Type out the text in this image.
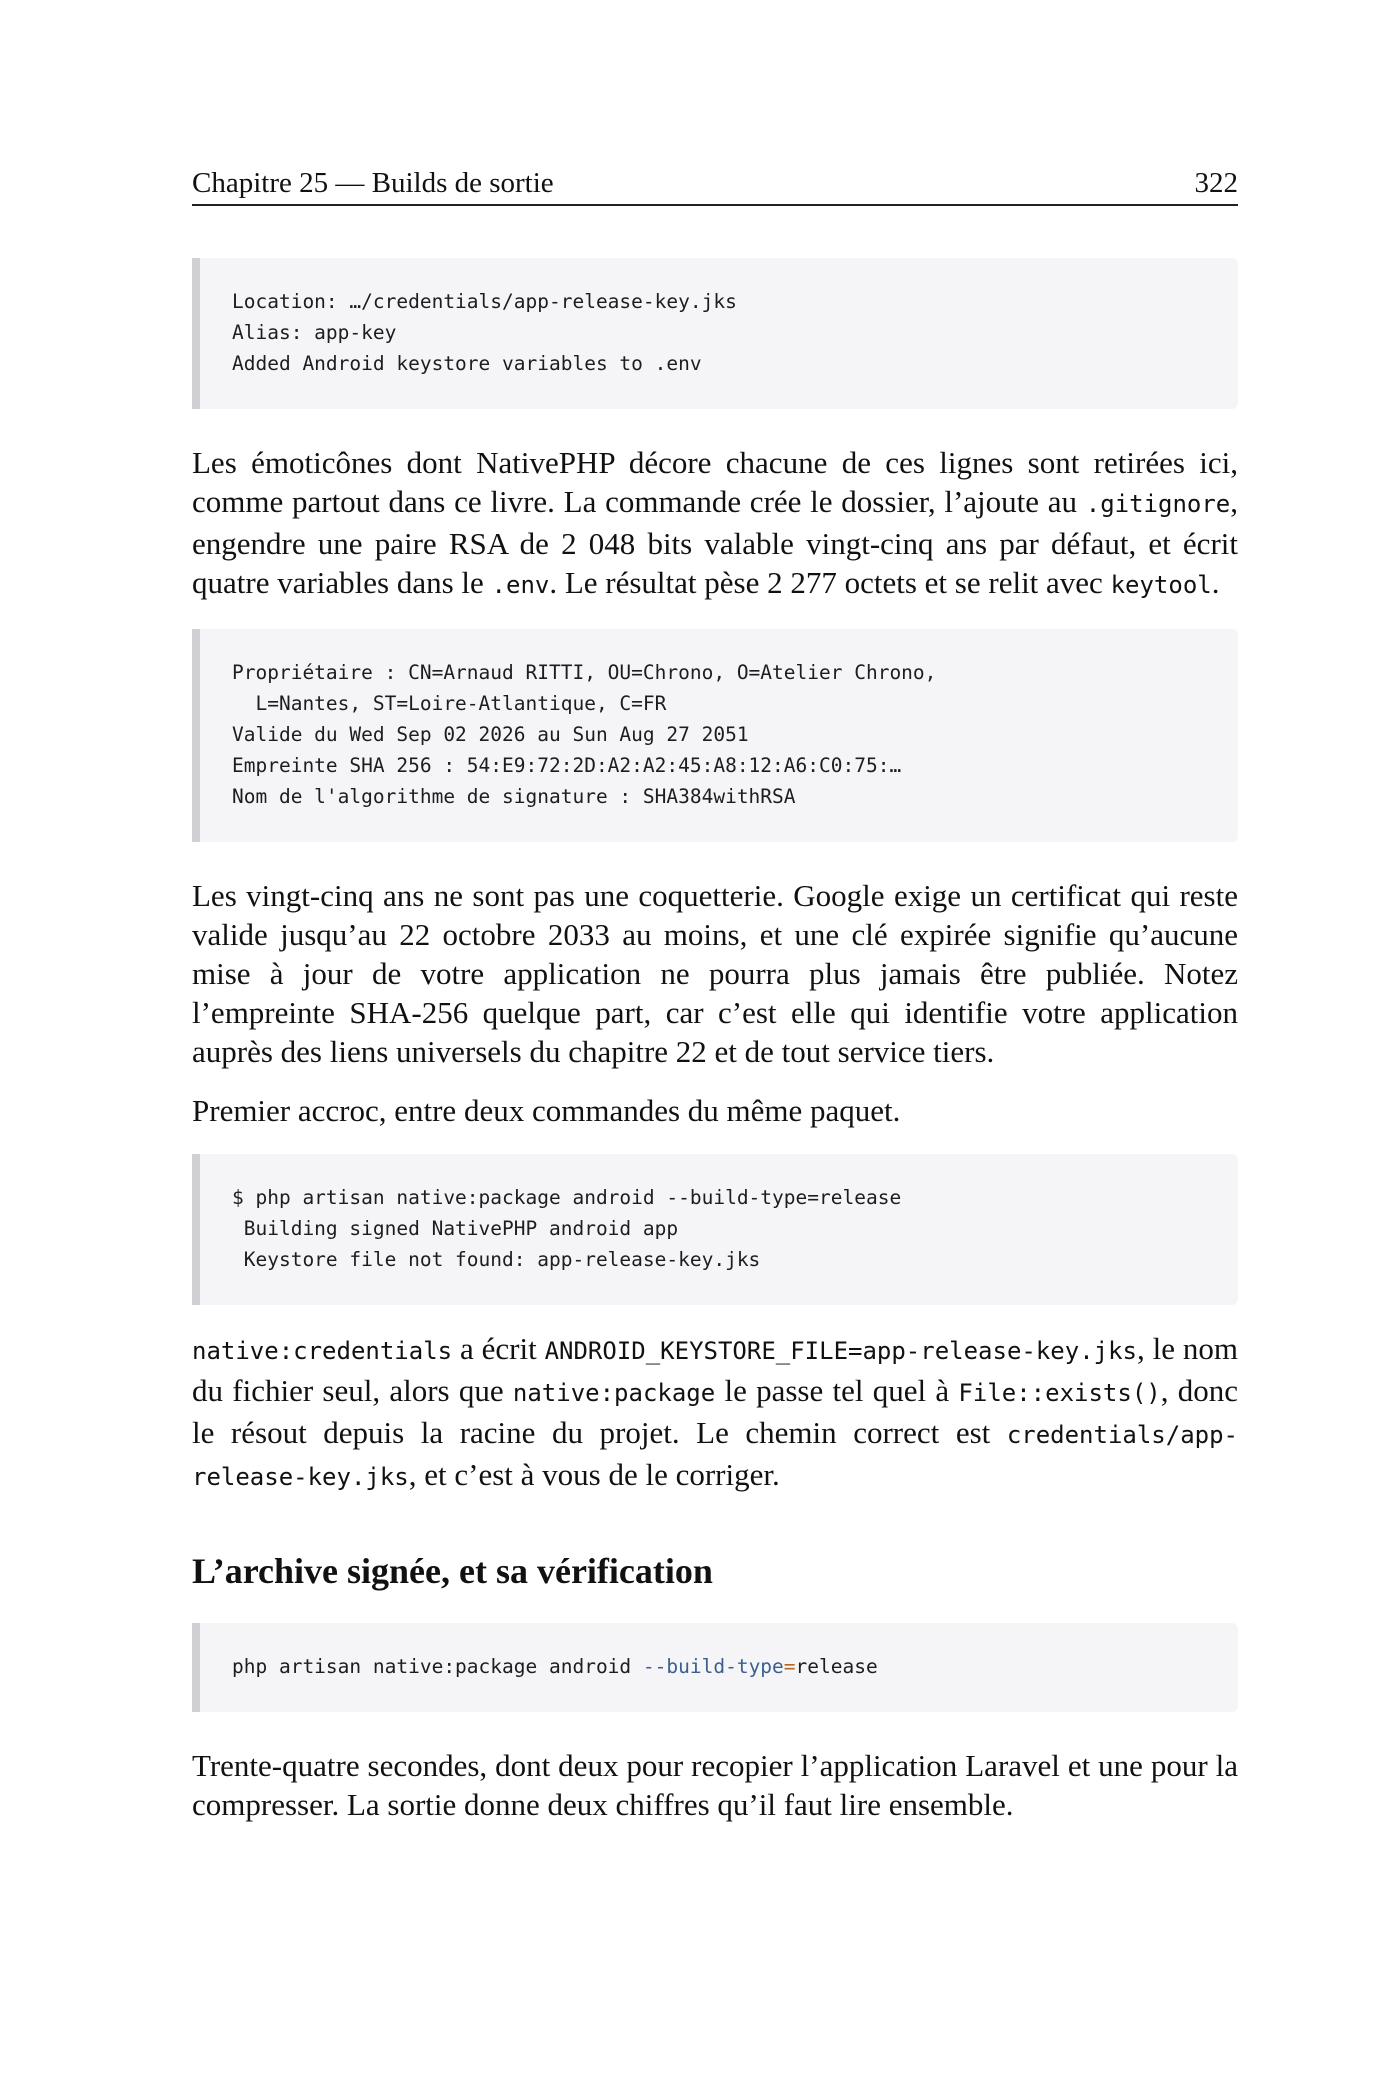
Chapitre 25 — Builds de sortie	322
Location: …/credentials/app-release-key.jks
Alias: app-key
Added Android keystore variables to .env

Les émoticônes dont NativePHP décore chacune de ces lignes sont retirées ici, comme partout dans ce livre. La commande crée le dossier, l’ajoute au .gitignore, engendre une paire RSA de 2 048 bits valable vingt-cinq ans par défaut, et écrit quatre variables dans le .env. Le résultat pèse 2 277 octets et se relit avec keytool.

Propriétaire : CN=Arnaud RITTI, OU=Chrono, O=Atelier Chrono,
L=Nantes, ST=Loire-Atlantique, C=FR
Valide du Wed Sep 02 2026 au Sun Aug 27 2051
Empreinte SHA 256 : 54:E9:72:2D:A2:A2:45:A8:12:A6:C0:75:…
Nom de l'algorithme de signature : SHA384withRSA

Les vingt-cinq ans ne sont pas une coquetterie. Google exige un certificat qui reste valide jusqu’au 22 octobre 2033 au moins, et une clé expirée signifie qu’aucune mise à jour de votre application ne pourra plus jamais être publiée. Notez l’empreinte SHA-256 quelque part, car c’est elle qui identifie votre application auprès des liens universels du chapitre 22 et de tout service tiers.

Premier accroc, entre deux commandes du même paquet.

$ php artisan native:package android --build-type=release
Building signed NativePHP android app
Keystore file not found: app-release-key.jks

native:credentials a écrit ANDROID_KEYSTORE_FILE=app-release-key.jks, le nom du fichier seul, alors que native:package le passe tel quel à File::exists(), donc le résout depuis la racine du projet. Le chemin correct est credentials/app-release-key.jks, et c’est à vous de le corriger.

L’archive signée, et sa vérification
php artisan native:package android --build-type=release

Trente-quatre secondes, dont deux pour recopier l’application Laravel et une pour la compresser. La sortie donne deux chiffres qu’il faut lire ensemble.
